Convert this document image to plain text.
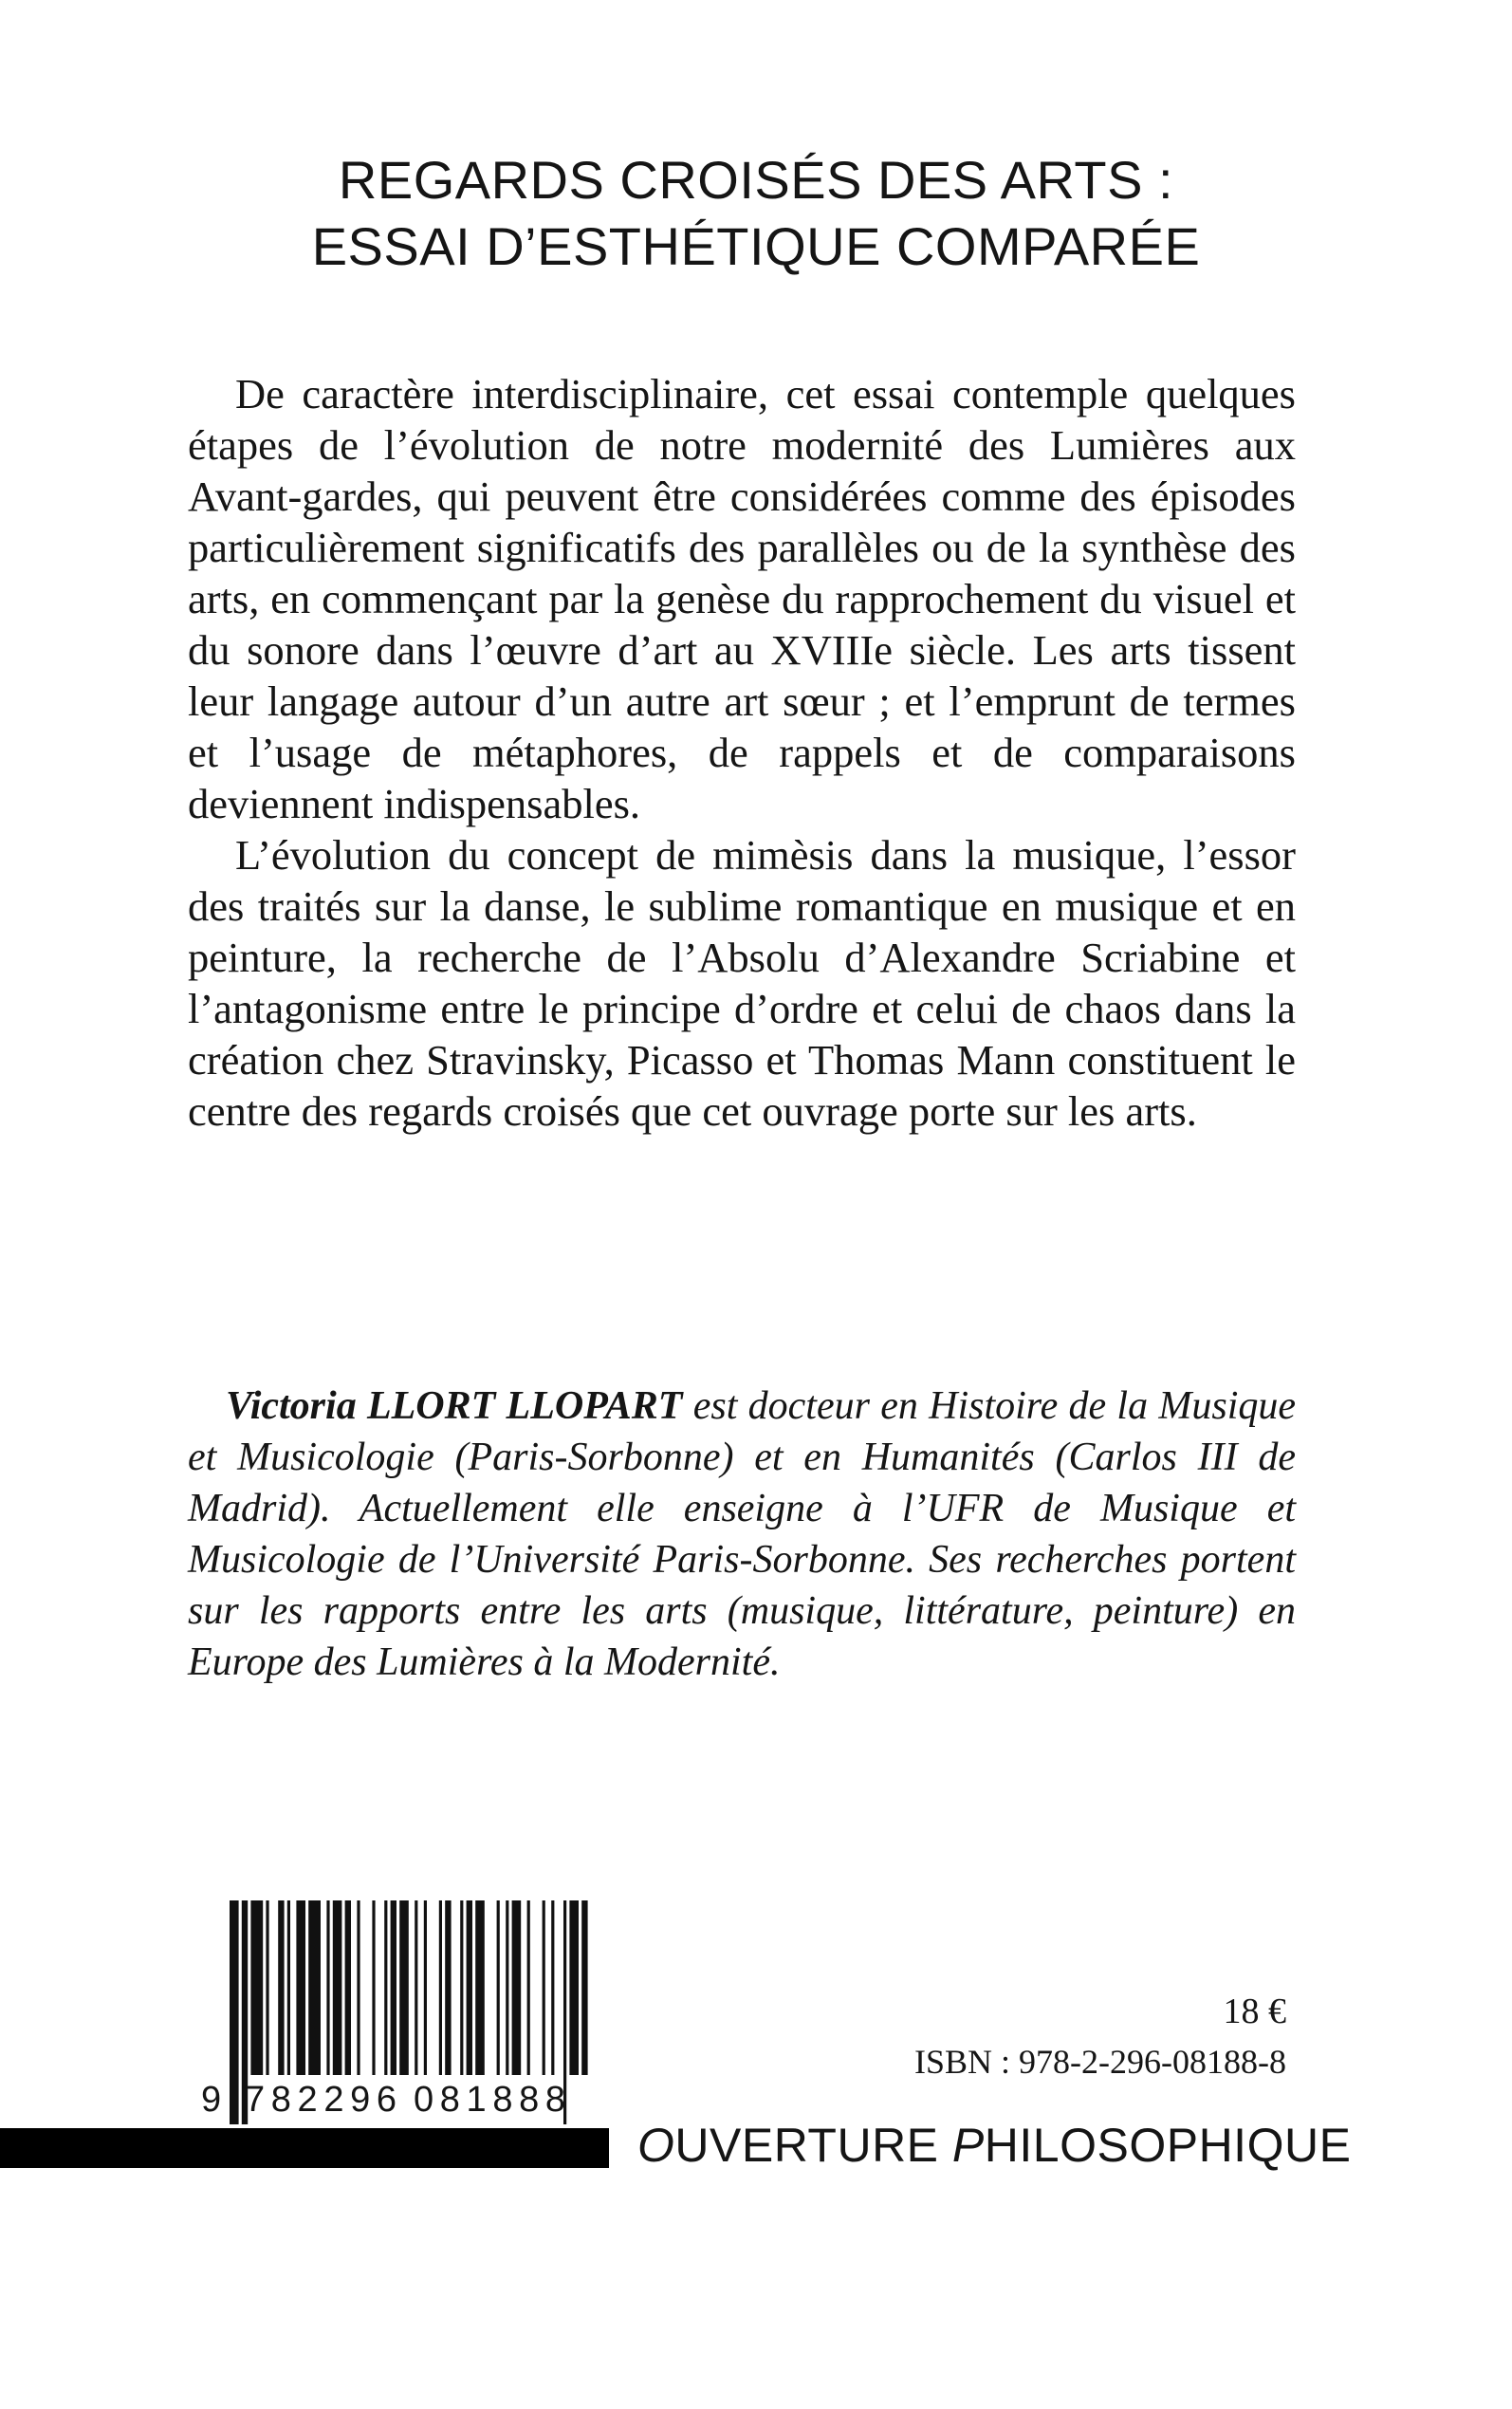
REGARDS CROISÉS DES ARTS :
ESSAI D’ESTHÉTIQUE COMPARÉE

De caractère interdisciplinaire, cet essai contemple quelques étapes de l’évolution de notre modernité des Lumières aux Avant-gardes, qui peuvent être considérées comme des épisodes particulièrement significatifs des parallèles ou de la synthèse des arts, en commençant par la genèse du rapprochement du visuel et du sonore dans l’œuvre d’art au XVIIIe siècle. Les arts tissent leur langage autour d’un autre art sœur ; et l’emprunt de termes et l’usage de métaphores, de rappels et de comparaisons deviennent indispensables.

L’évolution du concept de mimèsis dans la musique, l’essor des traités sur la danse, le sublime romantique en musique et en peinture, la recherche de l’Absolu d’Alexandre Scriabine et l’antagonisme entre le principe d’ordre et celui de chaos dans la création chez Stravinsky, Picasso et Thomas Mann constituent le centre des regards croisés que cet ouvrage porte sur les arts.

Victoria LLORT LLOPART est docteur en Histoire de la Musique et Musicologie (Paris-Sorbonne) et en Humanités (Carlos III de Madrid). Actuellement elle enseigne à l’UFR de Musique et Musicologie de l’Université Paris-Sorbonne. Ses recherches portent sur les rapports entre les arts (musique, littérature, peinture) en Europe des Lumières à la Modernité.

9 782296 081888
18 €
ISBN : 978-2-296-08188-8
OUVERTURE PHILOSOPHIQUE
